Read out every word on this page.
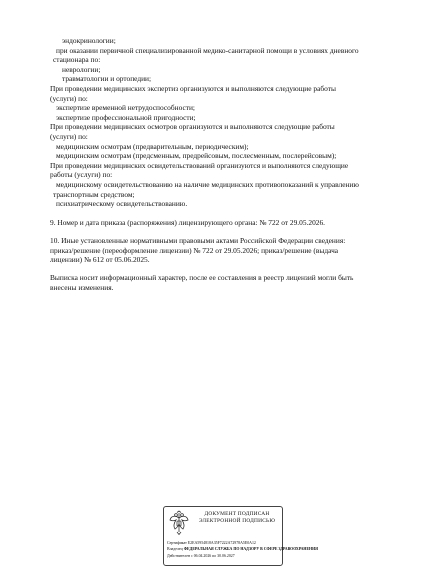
эндокринологии;
при оказании первичной специализированной медико-санитарной помощи в условиях дневного
стационара по:
неврологии;
травматологии и ортопедии;
При проведении медицинских экспертиз организуются и выполняются следующие работы
(услуги) по:
экспертизе временной нетрудоспособности;
экспертизе профессиональной пригодности;
При проведении медицинских осмотров организуются и выполняются следующие работы
(услуги) по:
медицинским осмотрам (предварительным, периодическим);
медицинским осмотрам (предсменным, предрейсовым, послесменным, послерейсовым);
При проведении медицинских освидетельствований организуются и выполняются следующие
работы (услуги) по:
медицинскому освидетельствованию на наличие медицинских противопоказаний к управлению
транспортным средством;
психиатрическому освидетельствованию.
9. Номер и дата приказа (распоряжения) лицензирующего органа: № 722 от 29.05.2026.
10. Иные установленные нормативными правовыми актами Российской Федерации сведения:
приказ/решение (переоформление лицензии) № 722 от 29.05.2026; приказ/решение (выдача
лицензии) № 612 от 05.06.2025.
Выписка носит информационный характер, после ее составления в реестр лицензий могли быть
внесены изменения.
ДОКУМЕНТ ПОДПИСАН
ЭЛЕКТРОННОЙ ПОДПИСЬЮ
Сертификат E2EA5954818A35F7222A72978A5E0A12
Владелец ФЕДЕРАЛЬНАЯ СЛУЖБА ПО НАДЗОРУ В СФЕРЕ ЗДРАВООХРАНЕНИЯ
Действителен с 06.04.2026 по 30.06.2027
